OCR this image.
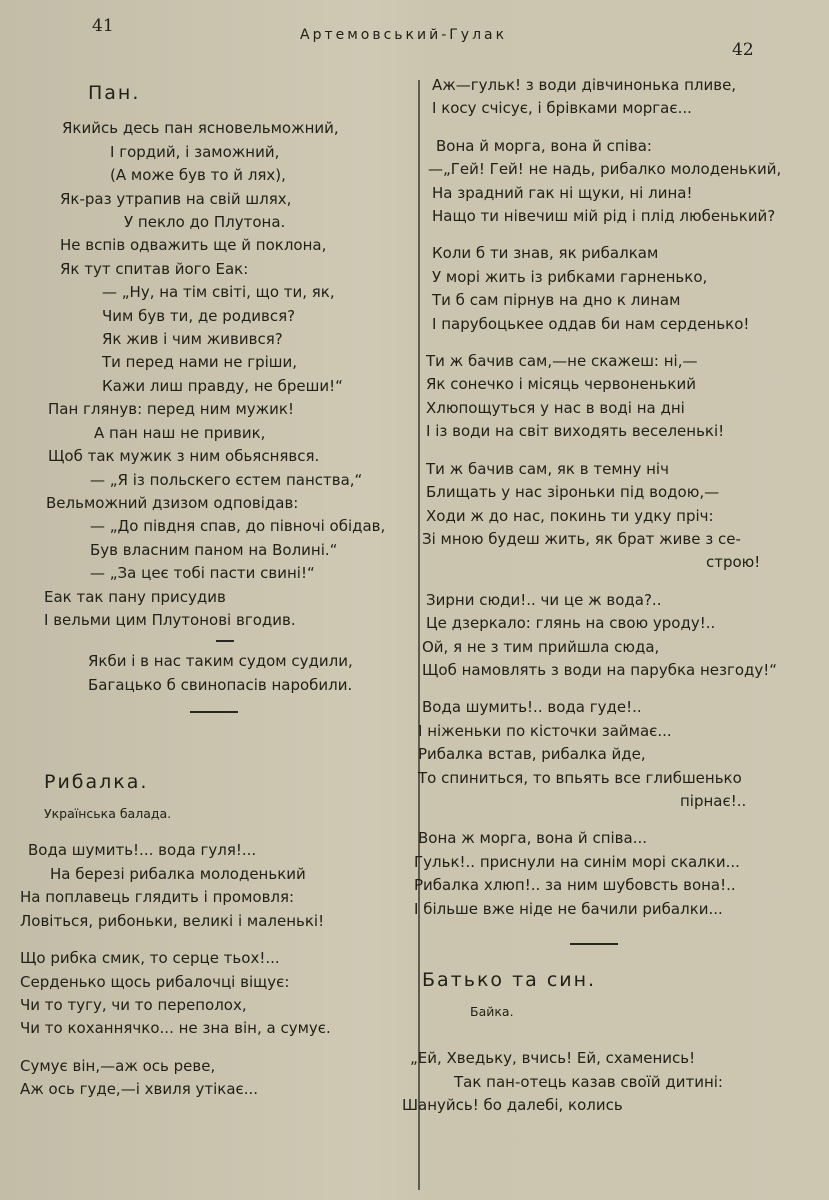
41	Артемовський-Гулак
42
Пан.
Якийсь десь пан ясновельможний,
І гордий, і заможний,
(А може був то й лях),
Як-раз утрапив на свій шлях,
У пекло до Плутона.
Не вспів одважить ще й поклона,
Як тут спитав його Еак:
— „Ну, на тім світі, що ти, як,
Чим був ти, де родився?
Як жив і чим живився?
Ти перед нами не гріши,
Кажи лиш правду, не бреши!“
Пан глянув: перед ним мужик!
А пан наш не привик,
Щоб так мужик з ним обьяснявся.
— „Я із польскего єстем панства,“
Вельможний дзизом одповідав:
— „До півдня спав, до півночі обідав,
Був власним паном на Волині.“
— „За цеє тобі пасти свині!“
Еак так пану присудив
І вельми цим Плутонові вгодив.
Якби і в нас таким судом судили,
Багацько б свинопасів наробили.
Рибалка.
Українська балада.
Вода шумить!... вода гуля!...
На березі рибалка молоденький
На поплавець глядить і промовля:
Ловіться, рибоньки, великі і маленькі!
Що рибка смик, то серце тьох!...
Серденько щось рибалочці віщує:
Чи то тугу, чи то переполох,
Чи то коханнячко... не зна він, а сумує.
Сумує він,—аж ось реве,
Аж ось гуде,—і хвиля утікає...
Аж—гульк! з води дівчинонька пливе,
І косу счісує, і брівками моргає...
Вона й морга, вона й співа:
—„Гей! Гей! не надь, рибалко молоденький,
На зрадний гак ні щуки, ні лина!
Нащо ти нівечиш мій рід і плід любенький?
Коли б ти знав, як рибалкам
У морі жить із рибками гарненько,
Ти б сам пірнув на дно к линам
І парубоцькее оддав би нам серденько!
Ти ж бачив сам,—не скажеш: ні,—
Як сонечко і місяць червоненький
Хлюпощуться у нас в воді на дні
І із води на світ виходять веселенькі!
Ти ж бачив сам, як в темну ніч
Блищать у нас зіроньки під водою,—
Ходи ж до нас, покинь ти удку пріч:
Зі мною будеш жить, як брат живе з се-
строю!
Зирни сюди!.. чи це ж вода?..
Це дзеркало: глянь на свою уроду!..
Ой, я не з тим прийшла сюда,
Щоб намовлять з води на парубка незгоду!“
Вода шумить!.. вода гуде!..
І ніженьки по кісточки займає...
Рибалка встав, рибалка йде,
То спиниться, то впьять все глибшенько
пірнає!..
Вона ж морга, вона й співа...
Гульк!.. приснули на синім морі скалки...
Рибалка хлюп!.. за ним шубовсть вона!..
І більше вже ніде не бачили рибалки...
Батько та син.
Байка.
„Ей, Хведьку, вчись! Ей, схаменись!
Так пан-отець казав своїй дитині:
Шануйсь! бо далебі, колись
